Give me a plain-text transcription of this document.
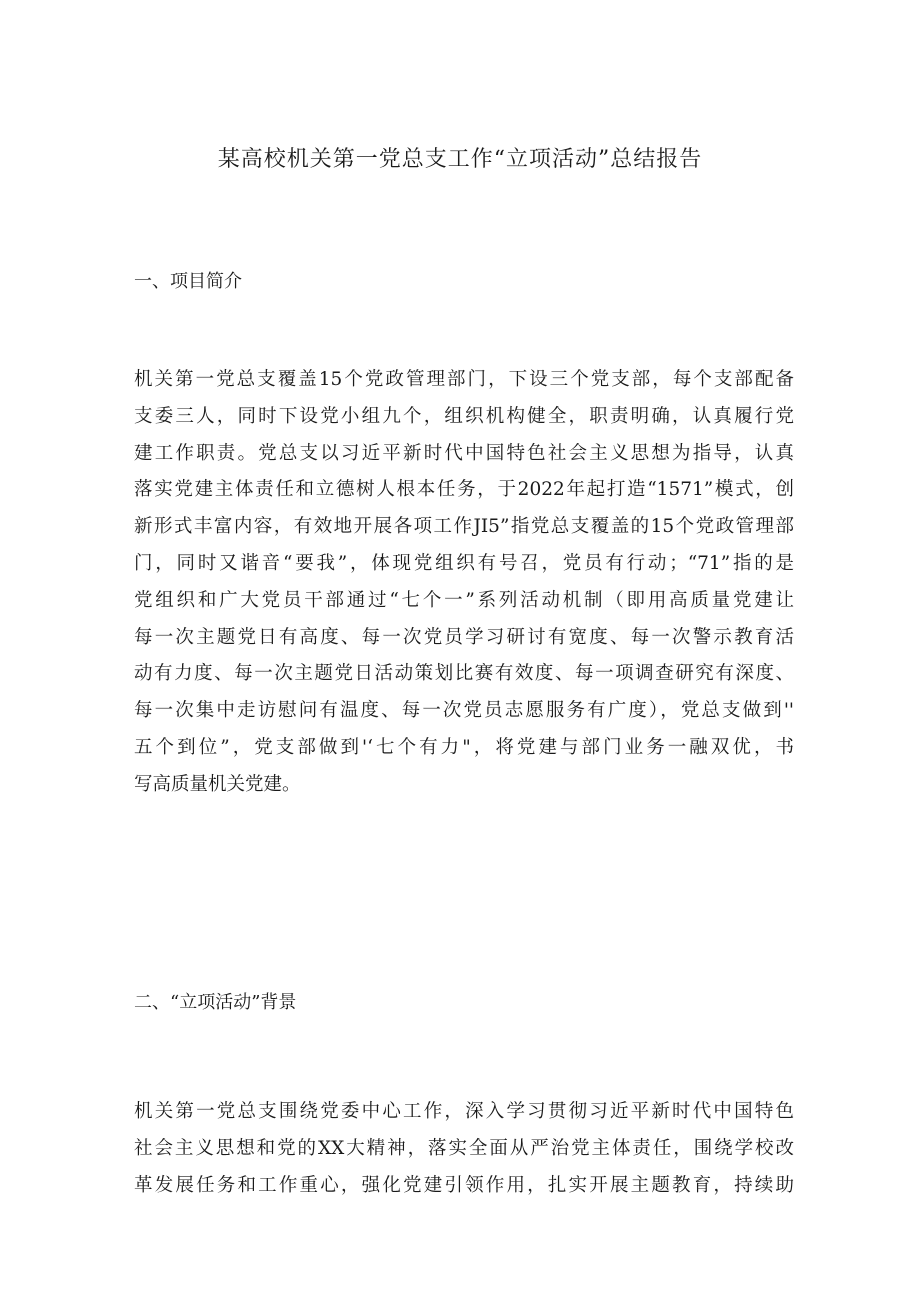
某高校机关第一党总支工作“立项活动”总结报告
一、项目简介
机关第一党总支覆盖15个党政管理部门，下设三个党支部，每个支部配备
支委三人，同时下设党小组九个，组织机构健全，职责明确，认真履行党
建工作职责。党总支以习近平新时代中国特色社会主义思想为指导，认真
落实党建主体责任和立德树人根本任务，于2022年起打造“1571”模式，创
新形式丰富内容，有效地开展各项工作JI5”指党总支覆盖的15个党政管理部
门，同时又谐音“要我”，体现党组织有号召，党员有行动；“71”指的是
党组织和广大党员干部通过“七个一”系列活动机制（即用高质量党建让
每一次主题党日有高度、每一次党员学习研讨有宽度、每一次警示教育活
动有力度、每一次主题党日活动策划比赛有效度、每一项调查研究有深度、
每一次集中走访慰问有温度、每一次党员志愿服务有广度），党总支做到''
五个到位”，党支部做到'‘七个有力"，将党建与部门业务一融双优，书
写高质量机关党建。
二、“立项活动”背景
机关第一党总支围绕党委中心工作，深入学习贯彻习近平新时代中国特色
社会主义思想和党的XX大精神，落实全面从严治党主体责任，围绕学校改
革发展任务和工作重心，强化党建引领作用，扎实开展主题教育，持续助
